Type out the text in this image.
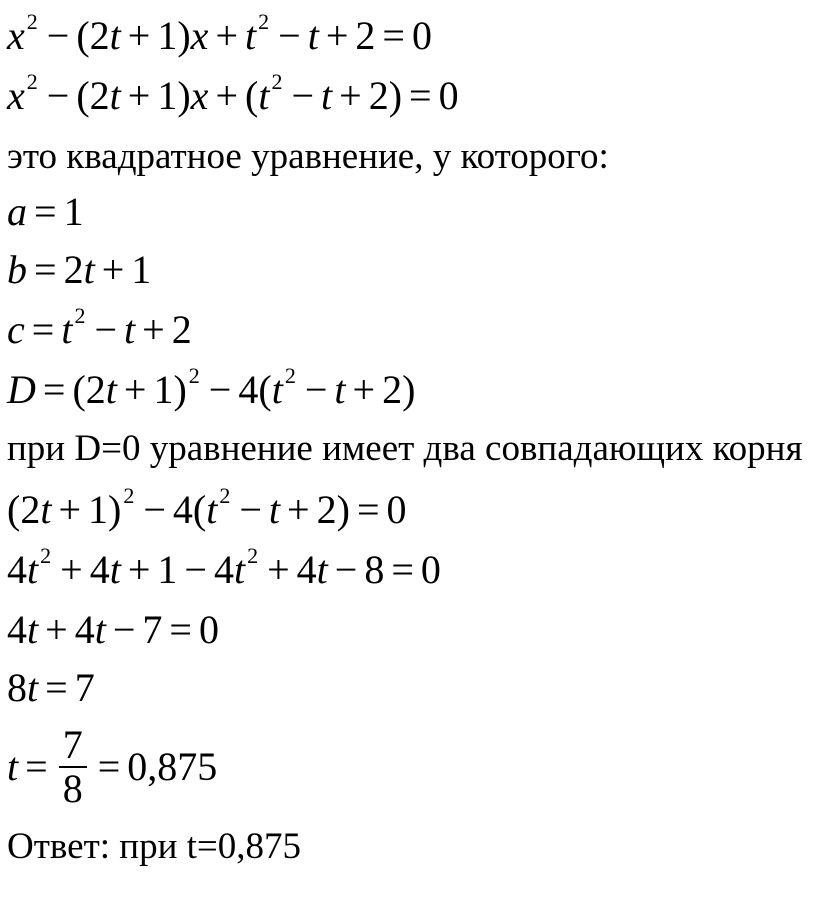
$x^2 - (2t + 1)x + t^2 - t + 2 = 0$
$x^2 - (2t + 1)x + (t^2 - t + 2) = 0$
это квадратное уравнение, у которого:
a = 1
b = 2t + 1
$c = t^2 - t + 2$
$D = (2t + 1)^2 - 4(t^2 - t + 2)$
при D=0 уравнение имеет два совпадающих корня
$(2t + 1)^2 - 4(t^2 - t + 2) = 0$
$4t^2 + 4t + 1 - 4t^2 + 4t - 8 = 0$
4t + 4t − 7 = 0
8t = 7
$t = \frac{7}{8} = 0,875$
Ответ: при t=0,875
